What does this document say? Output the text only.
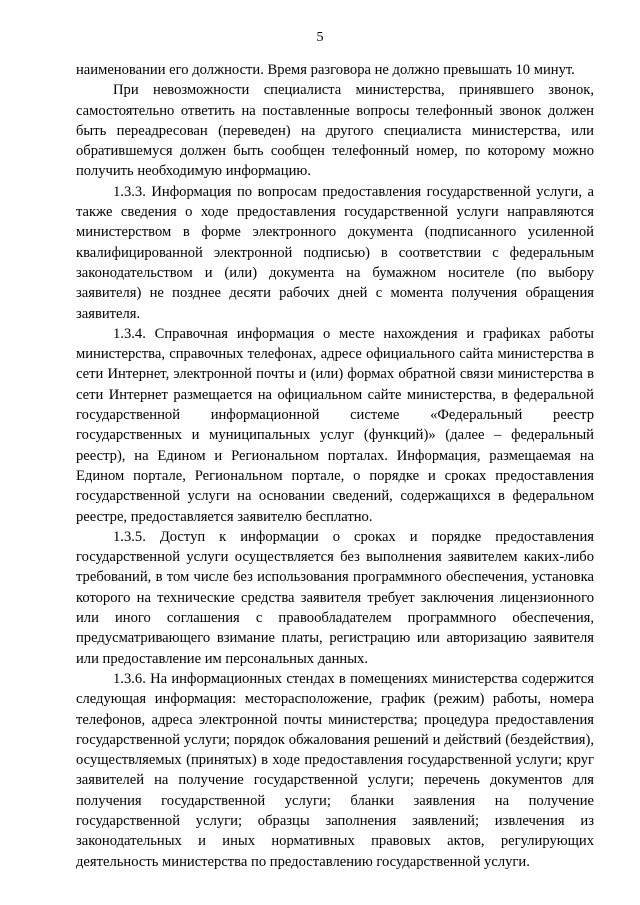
5

наименовании его должности. Время разговора не должно превышать 10 минут.

При невозможности специалиста министерства, принявшего звонок, самостоятельно ответить на поставленные вопросы телефонный звонок должен быть переадресован (переведен) на другого специалиста министерства, или обратившемуся должен быть сообщен телефонный номер, по которому можно получить необходимую информацию.

1.3.3. Информация по вопросам предоставления государственной услуги, а также сведения о ходе предоставления государственной услуги направляются министерством в форме электронного документа (подписанного усиленной квалифицированной электронной подписью) в соответствии с федеральным законодательством и (или) документа на бумажном носителе (по выбору заявителя) не позднее десяти рабочих дней с момента получения обращения заявителя.

1.3.4. Справочная информация о месте нахождения и графиках работы министерства, справочных телефонах, адресе официального сайта министерства в сети Интернет, электронной почты и (или) формах обратной связи министерства в сети Интернет размещается на официальном сайте министерства, в федеральной государственной информационной системе «Федеральный реестр государственных и муниципальных услуг (функций)» (далее – федеральный реестр), на Едином и Региональном порталах. Информация, размещаемая на Едином портале, Региональном портале, о порядке и сроках предоставления государственной услуги на основании сведений, содержащихся в федеральном реестре, предоставляется заявителю бесплатно.

1.3.5. Доступ к информации о сроках и порядке предоставления государственной услуги осуществляется без выполнения заявителем каких-либо требований, в том числе без использования программного обеспечения, установка которого на технические средства заявителя требует заключения лицензионного или иного соглашения с правообладателем программного обеспечения, предусматривающего взимание платы, регистрацию или авторизацию заявителя или предоставление им персональных данных.

1.3.6. На информационных стендах в помещениях министерства содержится следующая информация: месторасположение, график (режим) работы, номера телефонов, адреса электронной почты министерства; процедура предоставления государственной услуги; порядок обжалования решений и действий (бездействия), осуществляемых (принятых) в ходе предоставления государственной услуги; круг заявителей на получение государственной услуги; перечень документов для получения государственной услуги; бланки заявления на получение государственной услуги; образцы заполнения заявлений; извлечения из законодательных и иных нормативных правовых актов, регулирующих деятельность министерства по предоставлению государственной услуги.
